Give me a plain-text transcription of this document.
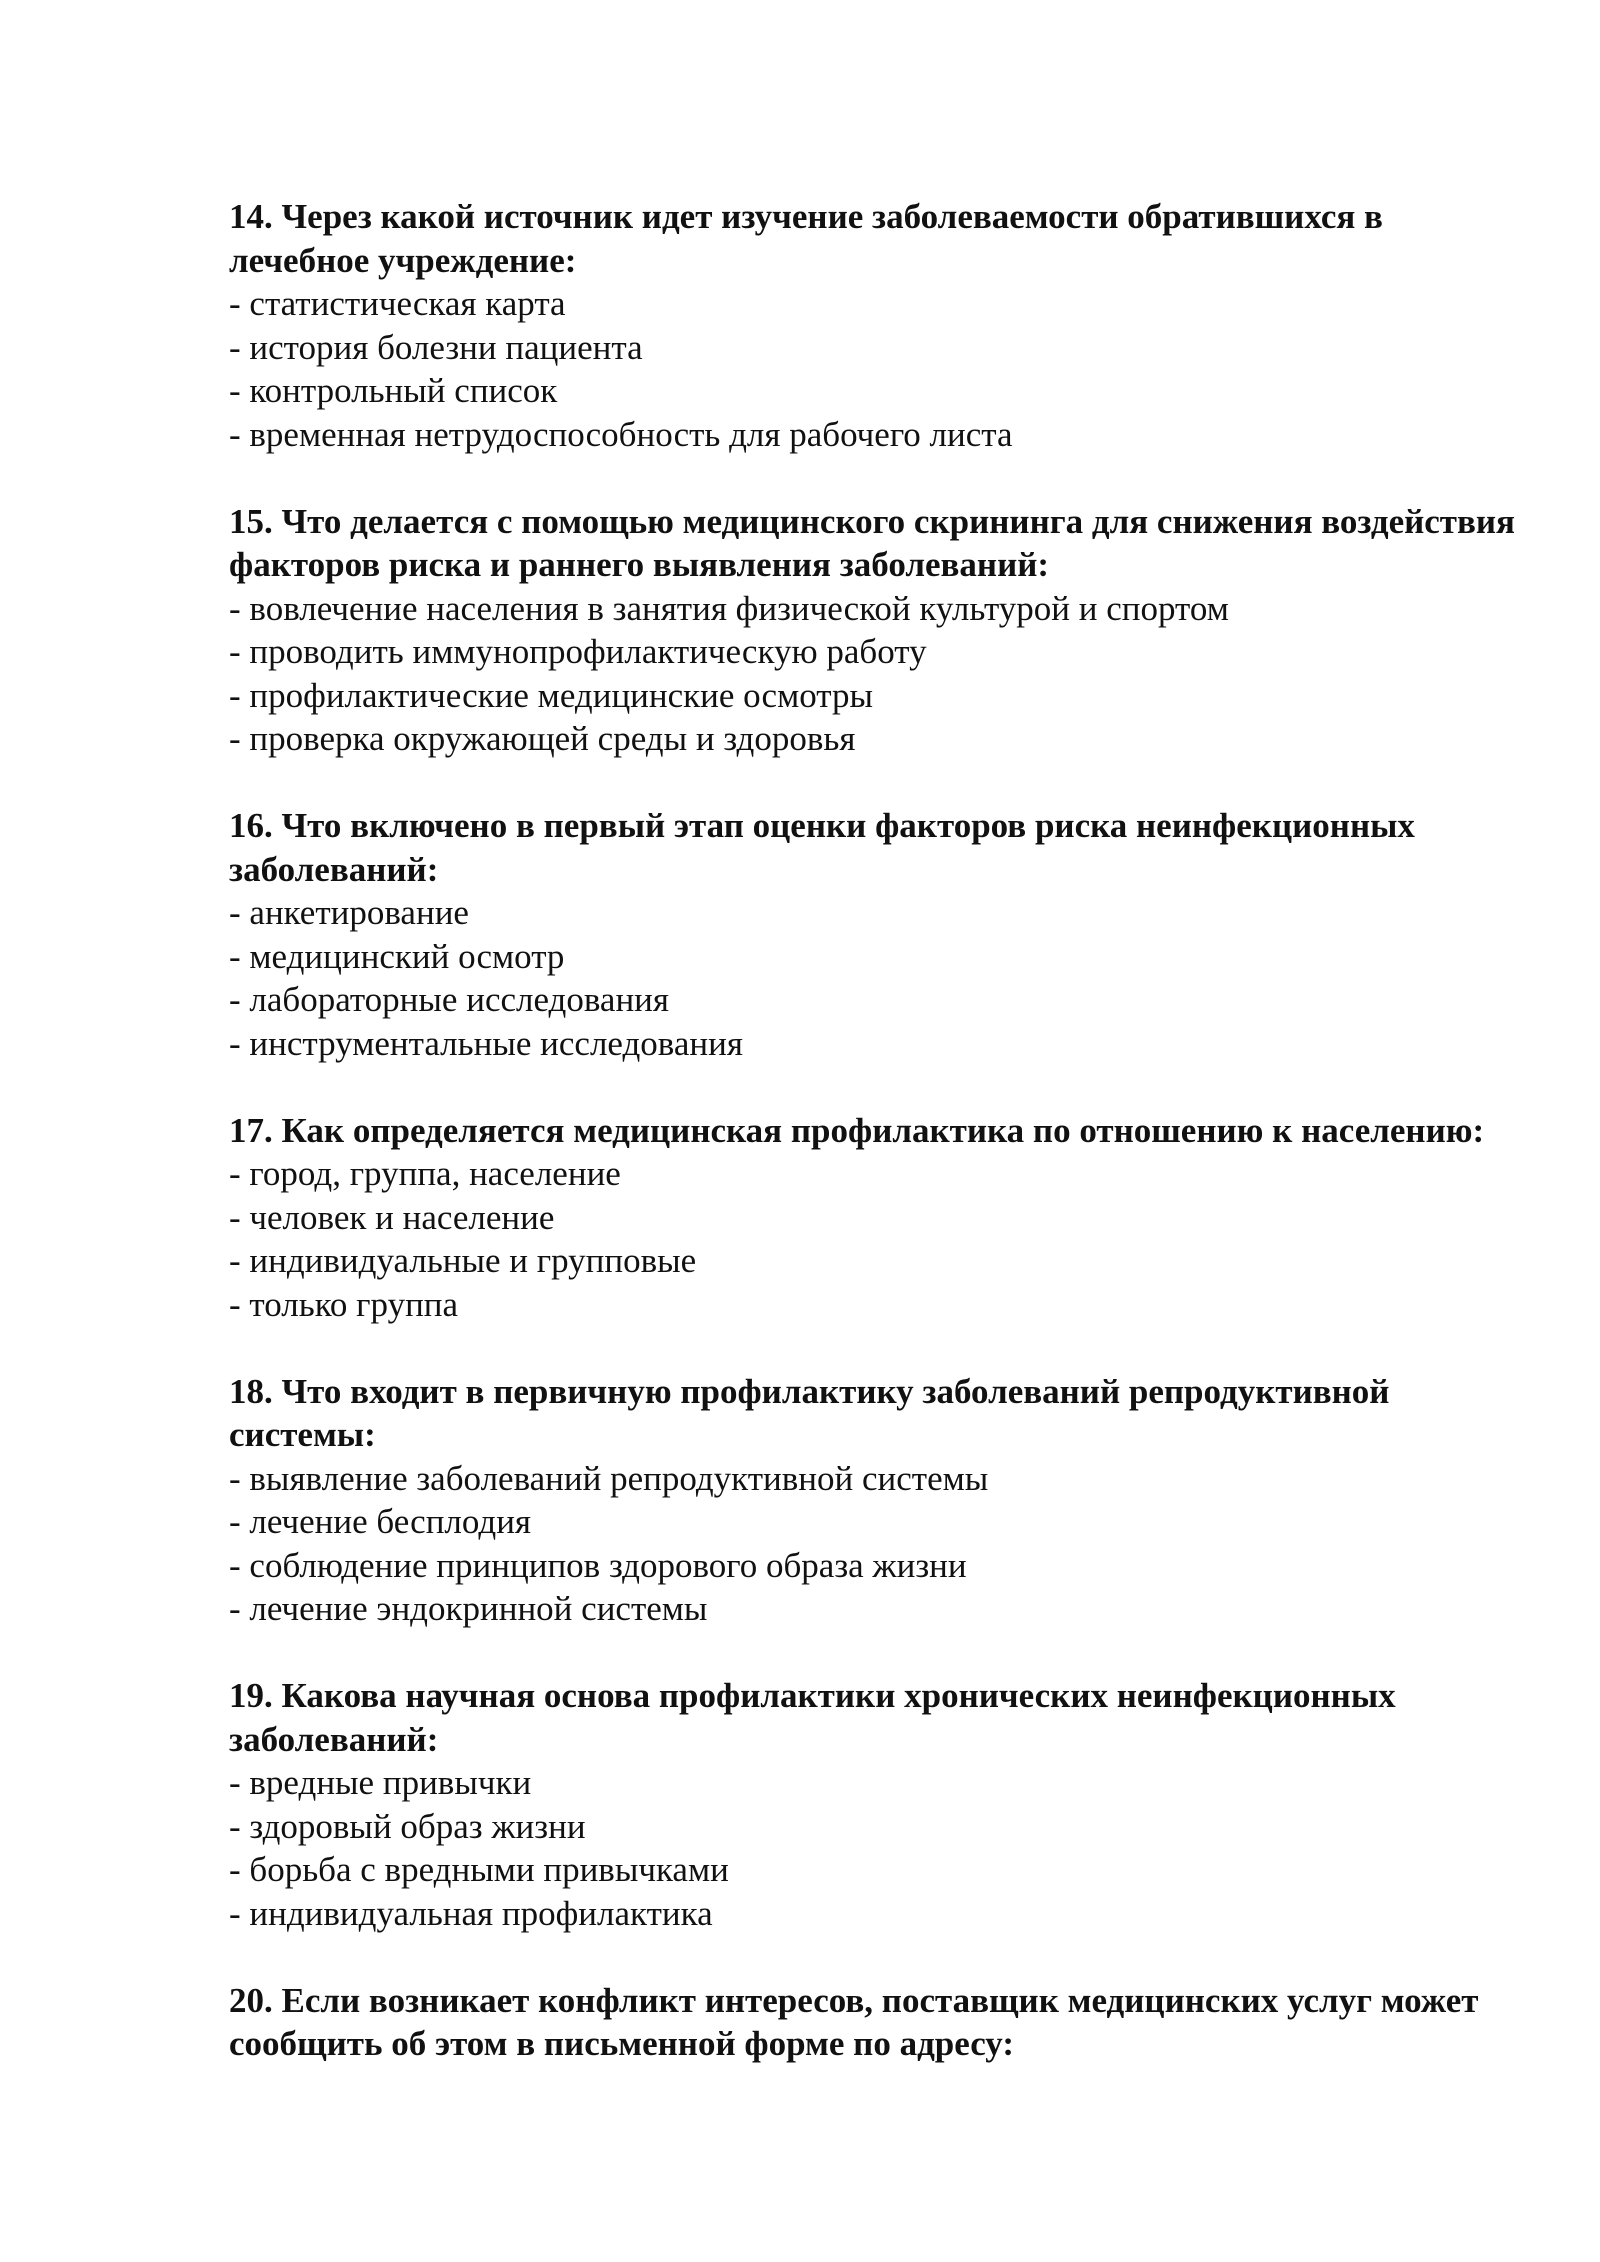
14. Через какой источник идет изучение заболеваемости обратившихся в лечебное учреждение:

- статистическая карта
- история болезни пациента
- контрольный список
- временная нетрудоспособность для рабочего листа

15. Что делается с помощью медицинского скрининга для снижения воздействия факторов риска и раннего выявления заболеваний:

- вовлечение населения в занятия физической культурой и спортом
- проводить иммунопрофилактическую работу
- профилактические медицинские осмотры
- проверка окружающей среды и здоровья

16. Что включено в первый этап оценки факторов риска неинфекционных заболеваний:

- анкетирование
- медицинский осмотр
- лабораторные исследования
- инструментальные исследования

17. Как определяется медицинская профилактика по отношению к населению:

- город, группа, население
- человек и население
- индивидуальные и групповые
- только группа

18. Что входит в первичную профилактику заболеваний репродуктивной системы:

- выявление заболеваний репродуктивной системы
- лечение бесплодия
- соблюдение принципов здорового образа жизни
- лечение эндокринной системы

19. Какова научная основа профилактики хронических неинфекционных заболеваний:

- вредные привычки
- здоровый образ жизни
- борьба с вредными привычками
- индивидуальная профилактика

20. Если возникает конфликт интересов, поставщик медицинских услуг может сообщить об этом в письменной форме по адресу:
